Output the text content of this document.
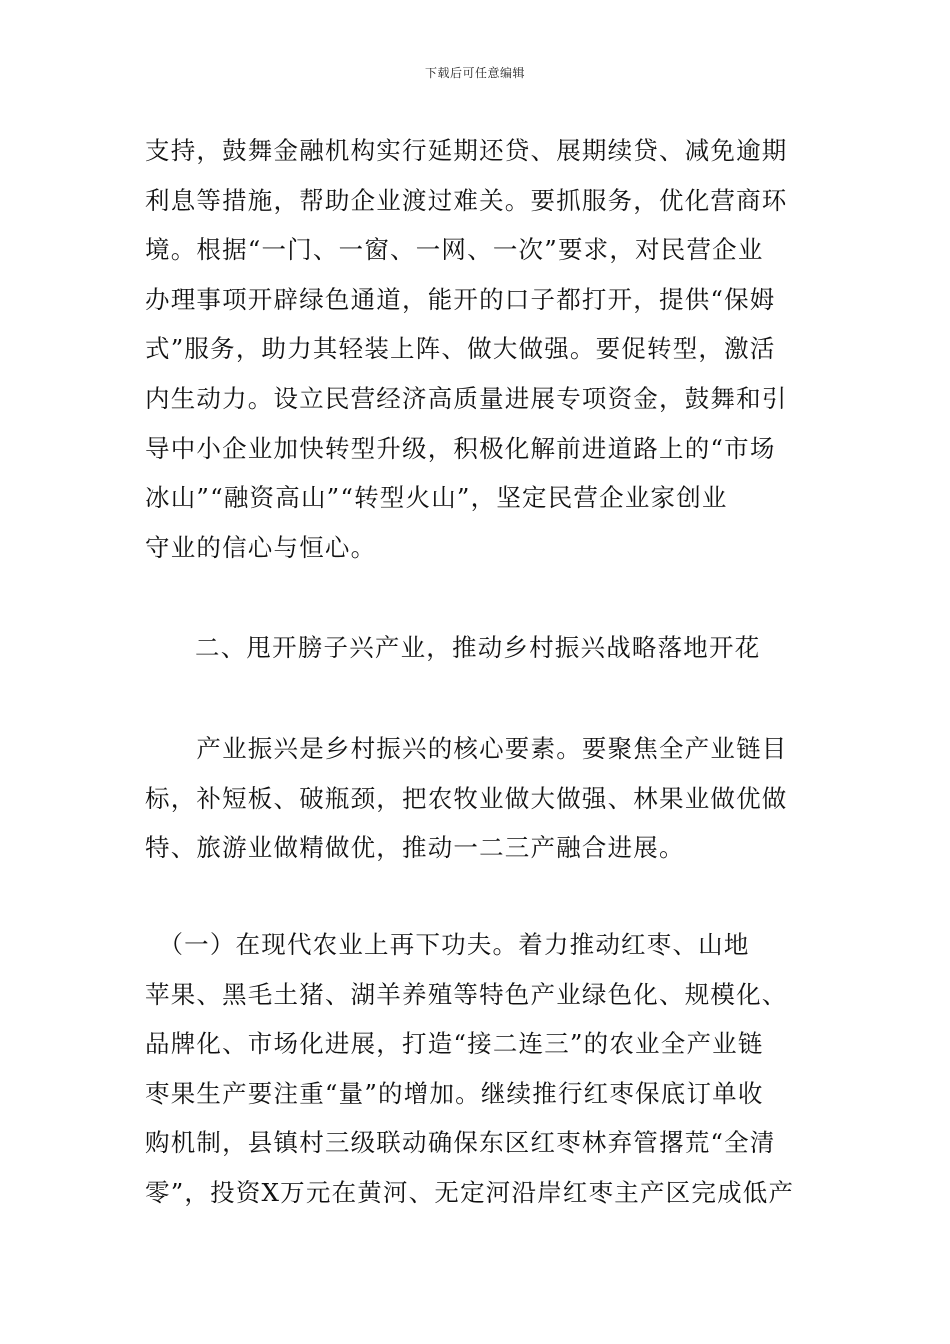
下载后可任意编辑
支持，鼓舞金融机构实行延期还贷、展期续贷、减免逾期
利息等措施，帮助企业渡过难关。要抓服务，优化营商环
境。根据“一门、一窗、一网、一次”要求，对民营企业
办理事项开辟绿色通道，能开的口子都打开，提供“保姆
式”服务，助力其轻装上阵、做大做强。要促转型，激活
内生动力。设立民营经济高质量进展专项资金，鼓舞和引
导中小企业加快转型升级，积极化解前进道路上的“市场
冰山”“融资高山”“转型火山”，坚定民营企业家创业
守业的信心与恒心。
二、甩开膀子兴产业，推动乡村振兴战略落地开花
　　产业振兴是乡村振兴的核心要素。要聚焦全产业链目
标，补短板、破瓶颈，把农牧业做大做强、林果业做优做
特、旅游业做精做优，推动一二三产融合进展。
　（一）在现代农业上再下功夫。着力推动红枣、山地
苹果、黑毛土猪、湖羊养殖等特色产业绿色化、规模化、
品牌化、市场化进展，打造“接二连三”的农业全产业链
枣果生产要注重“量”的增加。继续推行红枣保底订单收
购机制，县镇村三级联动确保东区红枣林弃管撂荒“全清
零”，投资X万元在黄河、无定河沿岸红枣主产区完成低产
